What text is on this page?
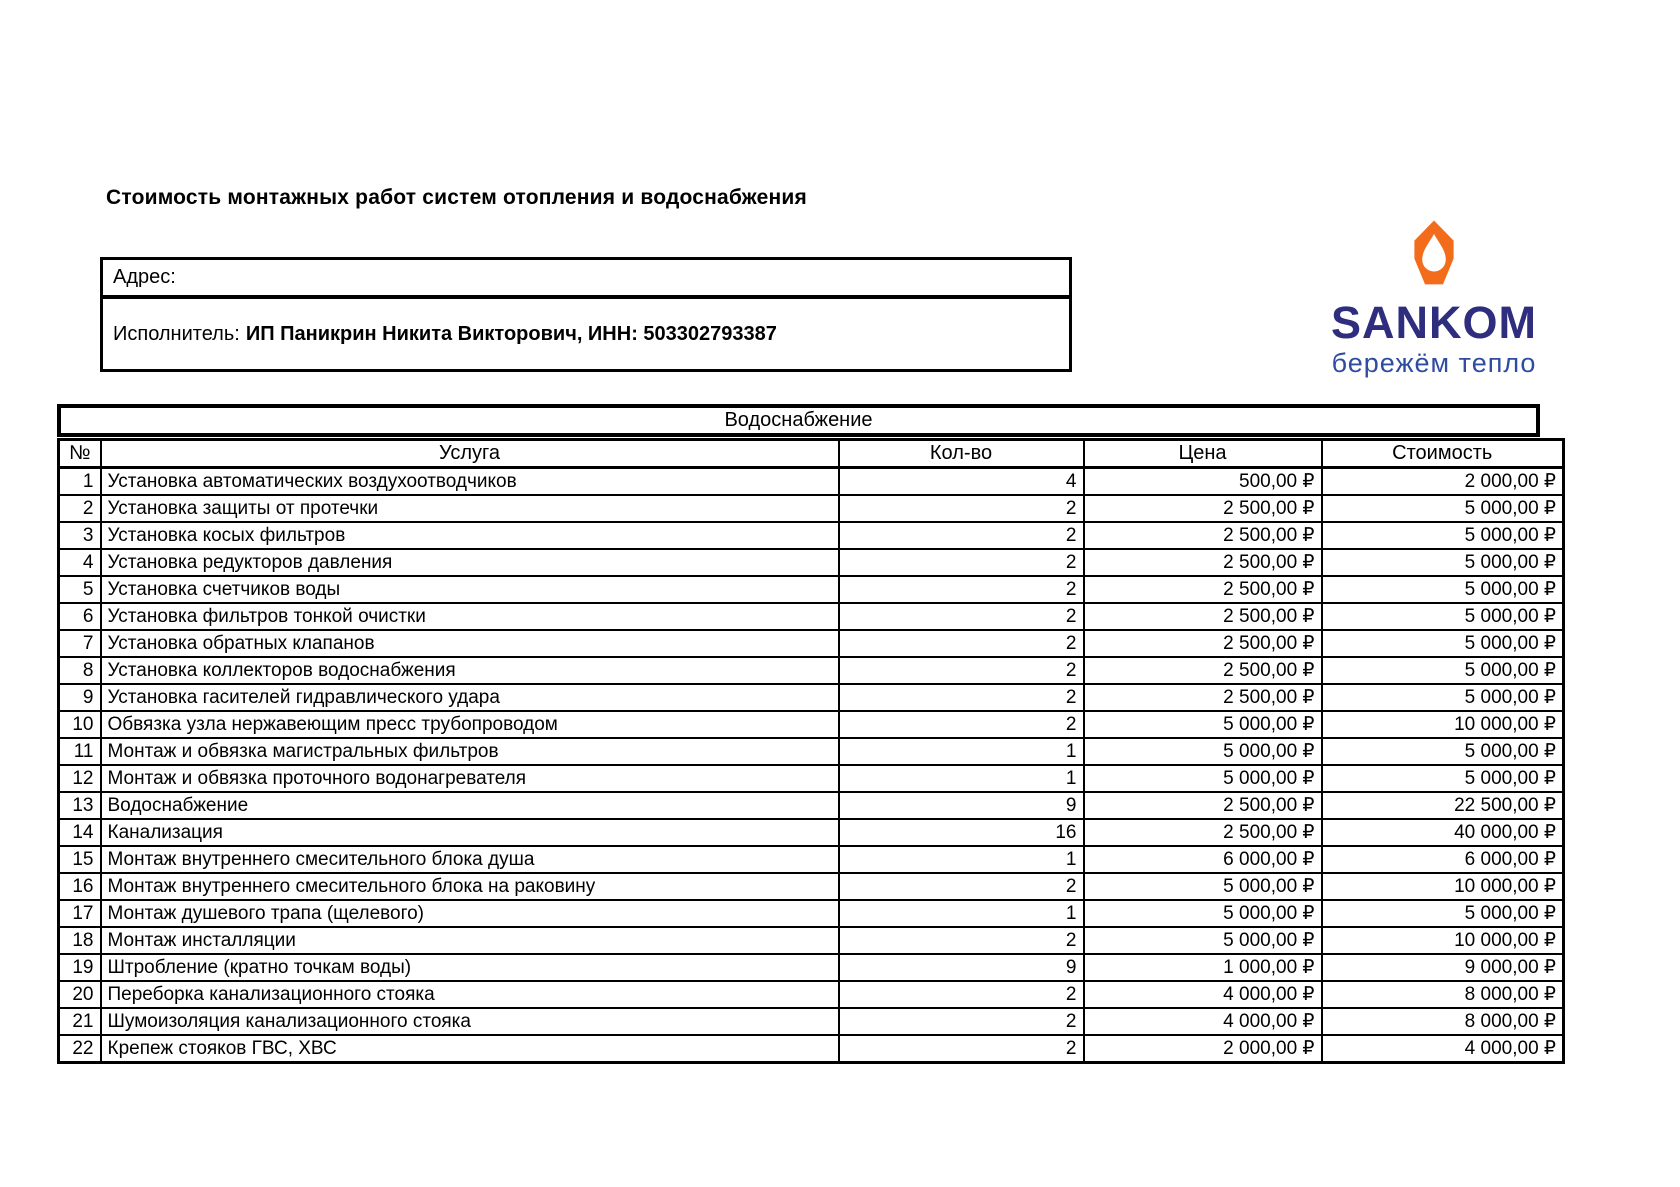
Стоимость монтажных работ систем отопления и водоснабжения
Адрес:
Исполнитель: ИП Паникрин Никита Викторович, ИНН: 503302793387	SANKOM
бережём тепло
Водоснабжение
№	Услуга	Кол-во	Цена	Стоимость
1	Установка автоматических воздухоотводчиков	4	500,00 ₽	2 000,00 ₽
2	Установка защиты от протечки	2	2 500,00 ₽	5 000,00 ₽
3	Установка косых фильтров	2	2 500,00 ₽	5 000,00 ₽
4	Установка редукторов давления	2	2 500,00 ₽	5 000,00 ₽
5	Установка счетчиков воды	2	2 500,00 ₽	5 000,00 ₽
6	Установка фильтров тонкой очистки	2	2 500,00 ₽	5 000,00 ₽
7	Установка обратных клапанов	2	2 500,00 ₽	5 000,00 ₽
8	Установка коллекторов водоснабжения	2	2 500,00 ₽	5 000,00 ₽
9	Установка гасителей гидравлического удара	2	2 500,00 ₽	5 000,00 ₽
10	Обвязка узла нержавеющим пресс трубопроводом	2	5 000,00 ₽	10 000,00 ₽
11	Монтаж и обвязка магистральных фильтров	1	5 000,00 ₽	5 000,00 ₽
12	Монтаж и обвязка проточного водонагревателя	1	5 000,00 ₽	5 000,00 ₽
13	Водоснабжение	9	2 500,00 ₽	22 500,00 ₽
14	Канализация	16	2 500,00 ₽	40 000,00 ₽
15	Монтаж внутреннего смесительного блока душа	1	6 000,00 ₽	6 000,00 ₽
16	Монтаж внутреннего смесительного блока на раковину	2	5 000,00 ₽	10 000,00 ₽
17	Монтаж душевого трапа (щелевого)	1	5 000,00 ₽	5 000,00 ₽
18	Монтаж инсталляции	2	5 000,00 ₽	10 000,00 ₽
19	Штробление (кратно точкам воды)	9	1 000,00 ₽	9 000,00 ₽
20	Переборка канализационного стояка	2	4 000,00 ₽	8 000,00 ₽
21	Шумоизоляция канализационного стояка	2	4 000,00 ₽	8 000,00 ₽
22	Крепеж стояков ГВС, ХВС	2	2 000,00 ₽	4 000,00 ₽
